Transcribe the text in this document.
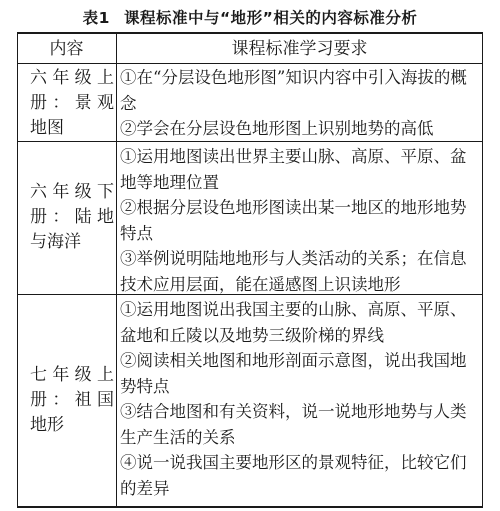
表1 课程标准中与“地形”相关的内容标准分析
内容	课程标准学习要求
六年级上
册：景观
地图
①在“分层设色地形图”知识内容中引入海拔的概念
②学会在分层设色地形图上识别地势的高低
六年级下
册：陆地
与海洋
①运用地图读出世界主要山脉、高原、平原、盆地等地理位置
②根据分层设色地形图读出某一地区的地形地势特点
③举例说明陆地地形与人类活动的关系；在信息技术应用层面，能在遥感图上识读地形
七年级上
册：祖国
地形
①运用地图说出我国主要的山脉、高原、平原、盆地和丘陵以及地势三级阶梯的界线
②阅读相关地图和地形剖面示意图，说出我国地势特点
③结合地图和有关资料，说一说地形地势与人类生产生活的关系
④说一说我国主要地形区的景观特征，比较它们的差异
